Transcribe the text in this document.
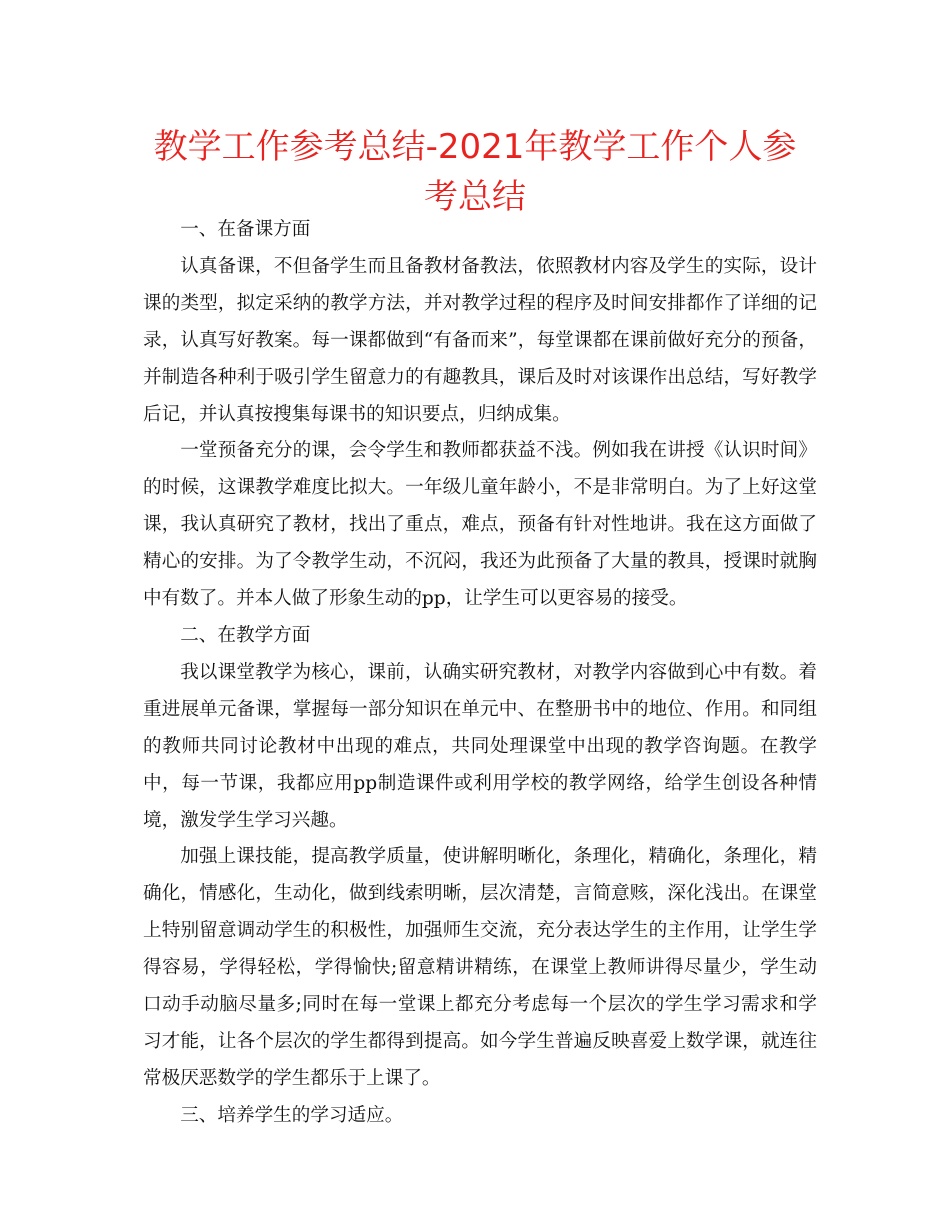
教学工作参考总结-2021年教学工作个人参考总结

一、在备课方面

认真备课，不但备学生而且备教材备教法，依照教材内容及学生的实际，设计课的类型，拟定采纳的教学方法，并对教学过程的程序及时间安排都作了详细的记录，认真写好教案。每一课都做到“有备而来”，每堂课都在课前做好充分的预备，并制造各种利于吸引学生留意力的有趣教具，课后及时对该课作出总结，写好教学后记，并认真按搜集每课书的知识要点，归纳成集。

一堂预备充分的课，会令学生和教师都获益不浅。例如我在讲授《认识时间》的时候，这课教学难度比拟大。一年级儿童年龄小，不是非常明白。为了上好这堂课，我认真研究了教材，找出了重点，难点，预备有针对性地讲。我在这方面做了精心的安排。为了令教学生动，不沉闷，我还为此预备了大量的教具，授课时就胸中有数了。并本人做了形象生动的pp，让学生可以更容易的接受。

二、在教学方面

我以课堂教学为核心，课前，认确实研究教材，对教学内容做到心中有数。着重进展单元备课，掌握每一部分知识在单元中、在整册书中的地位、作用。和同组的教师共同讨论教材中出现的难点，共同处理课堂中出现的教学咨询题。在教学中，每一节课，我都应用pp制造课件或利用学校的教学网络，给学生创设各种情境，激发学生学习兴趣。

加强上课技能，提高教学质量，使讲解明晰化，条理化，精确化，条理化，精确化，情感化，生动化，做到线索明晰，层次清楚，言简意赅，深化浅出。在课堂上特别留意调动学生的积极性，加强师生交流，充分表达学生的主作用，让学生学得容易，学得轻松，学得愉快;留意精讲精练，在课堂上教师讲得尽量少，学生动口动手动脑尽量多;同时在每一堂课上都充分考虑每一个层次的学生学习需求和学习才能，让各个层次的学生都得到提高。如今学生普遍反映喜爱上数学课，就连往常极厌恶数学的学生都乐于上课了。

三、培养学生的学习适应。
